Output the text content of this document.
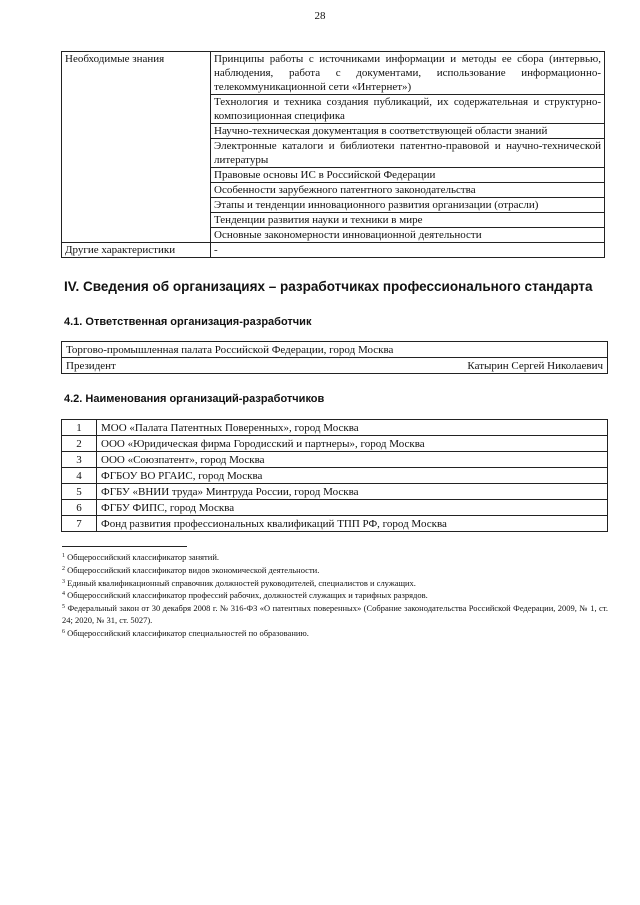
28
Необходимые знания	Принципы работы с источниками информации и методы ее сбора (интервью, наблюдения, работа с документами, использование информационно-телекоммуникационной сети «Интернет»)
	Технология и техника создания публикаций, их содержательная и структурно-композиционная специфика
	Научно-техническая документация в соответствующей области знаний
	Электронные каталоги и библиотеки патентно-правовой и научно-технической литературы
	Правовые основы ИС в Российской Федерации
	Особенности зарубежного патентного законодательства
	Этапы и тенденции инновационного развития организации (отрасли)
	Тенденции развития науки и техники в мире
	Основные закономерности инновационной деятельности
Другие характеристики	-
IV. Сведения об организациях – разработчиках профессионального стандарта
4.1. Ответственная организация-разработчик
Торгово-промышленная палата Российской Федерации, город Москва
Президент	Катырин Сергей Николаевич
4.2. Наименования организаций-разработчиков
1	МОО «Палата Патентных Поверенных», город Москва
2	ООО «Юридическая фирма Городисский и партнеры», город Москва
3	ООО «Союзпатент», город Москва
4	ФГБОУ ВО РГАИС, город Москва
5	ФГБУ «ВНИИ труда» Минтруда России, город Москва
6	ФГБУ ФИПС, город Москва
7	Фонд развития профессиональных квалификаций ТПП РФ, город Москва

$^1$ Общероссийский классификатор занятий.

$^2$ Общероссийский классификатор видов экономической деятельности.

$^3$ Единый квалификационный справочник должностей руководителей, специалистов и служащих.

$^4$ Общероссийский классификатор профессий рабочих, должностей служащих и тарифных разрядов.

$^5$ Федеральный закон от 30 декабря 2008 г. № 316-ФЗ «О патентных поверенных» (Собрание законодательства Российской Федерации, 2009, № 1, ст. 24; 2020, № 31, ст. 5027).

$^6$ Общероссийский классификатор специальностей по образованию.
